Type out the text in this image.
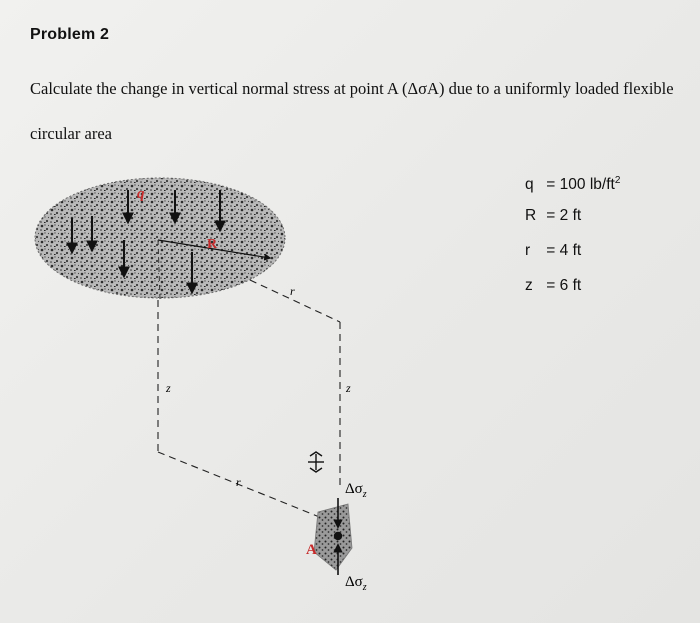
Problem 2
Calculate the change in vertical normal stress at point A (ΔσA) due to a uniformly loaded flexible circular area
q = 100 $lb/ft^2$
R = 2 ft
r = 4 ft
z = 6 ft
q
R
r
r
z	z
A
$\Delta\sigma_z$
$\Delta\sigma_z$
